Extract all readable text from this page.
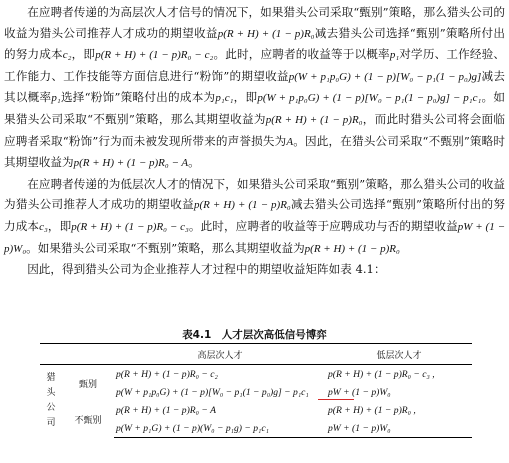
在应聘者传递的为高层次人才信号的情况下，如果猎头公司采取“甄别”策略，那么猎头公司的收益为猎头公司推荐人才成功的期望收益p(R + H) + (1 − p)R₀减去猎头公司选择“甄别”策略所付出的努力成本c₂，即p(R + H) + (1 − p)R₀ − c₂。此时，应聘者的收益等于以概率p₁对学历、工作经验、工作能力、工作技能等方面信息进行“粉饰”的期望收益p(W + p₁p₀G) + (1 − p)[W₀ − p₁(1 − p₀)g]减去其以概率p₁选择“粉饰”策略付出的成本为p₁c₁，即p(W + p₁p₀G) + (1 − p)[W₀ − p₁(1 − p₀)g] − p₁c₁。如果猎头公司采取“不甄别”策略，那么其期望收益为p(R + H) + (1 − p)R₀，而此时猎头公司将会面临应聘者采取“粉饰”行为而未被发现所带来的声誉损失为A。因此，在猎头公司采取“不甄别”策略时其期望收益为p(R + H) + (1 − p)R₀ − A。

在应聘者传递的为低层次人才的情况下，如果猎头公司采取“甄别”策略，那么猎头公司的收益为猎头公司推荐人才成功的期望收益p(R + H) + (1 − p)R₀减去猎头公司选择“甄别”策略所付出的努力成本c₃，即p(R + H) + (1 − p)R₀ − c₃。此时，应聘者的收益等于应聘成功与否的期望收益pW + (1 − p)W₀。如果猎头公司采取“不甄别”策略，那么其期望收益为p(R + H) + (1 − p)R₀

因此，得到猎头公司为企业推荐人才过程中的期望收益矩阵如表 4.1：

表4.1　人才层次高低信号博弈
		高层次人才	低层次人才
猎
头
公
司	甄别	p(R + H) + (1 − p)R₀ − c₂	p(R + H) + (1 − p)R₀ − c₃ ,
		p(W + p₁p₀G) + (1 − p)[W₀ − p₁(1 − p₀)g] − p₁c₁	pW + (1 − p)W₀
	不甄别	p(R + H) + (1 − p)R₀ − A	p(R + H) + (1 − p)R₀ ,
		p(W + p₁G) + (1 − p)(W₀ − p₁g) − p₁c₁	pW + (1 − p)W₀
